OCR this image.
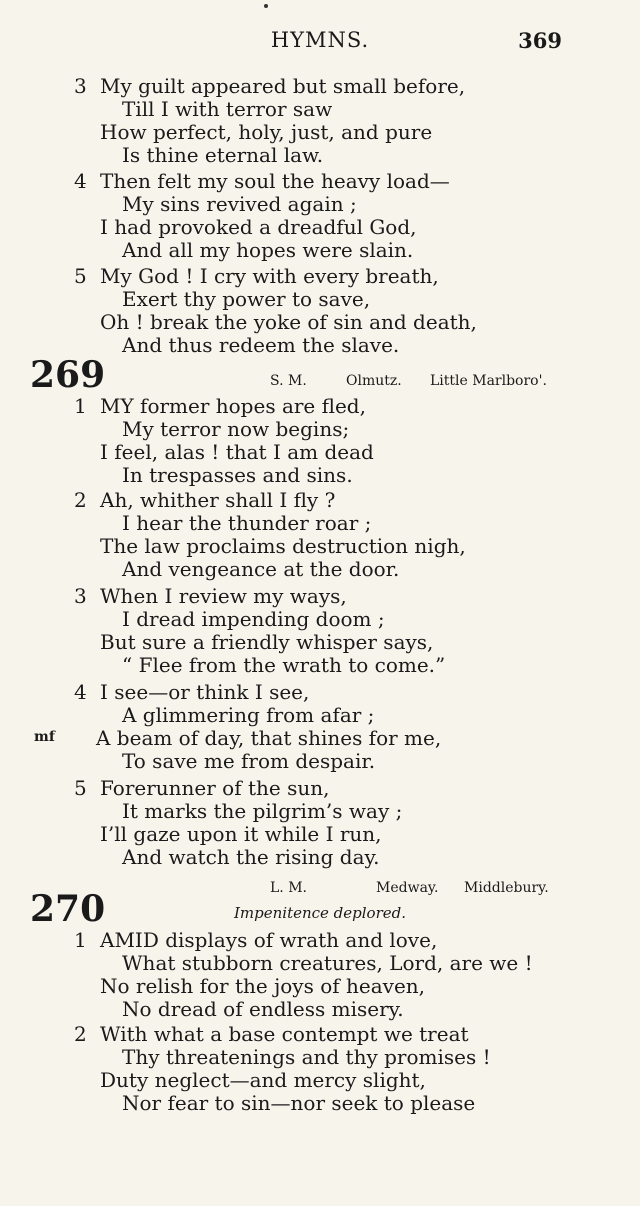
HYMNS.	369
3 My guilt appeared but small before,
Till I with terror saw
How perfect, holy, just, and pure
Is thine eternal law.
4 Then felt my soul the heavy load—
My sins revived again ;
I had provoked a dreadful God,
And all my hopes were slain.
5 My God ! I cry with every breath,
Exert thy power to save,
Oh ! break the yoke of sin and death,
And thus redeem the slave.
269	S. M.	Olmutz. Little Marlboro'.
1 MY former hopes are fled,
My terror now begins;
I feel, alas ! that I am dead
In trespasses and sins.
2 Ah, whither shall I fly ?
I hear the thunder roar ;
The law proclaims destruction nigh,
And vengeance at the door.
3 When I review my ways,
I dread impending doom ;
But sure a friendly whisper says,
“ Flee from the wrath to come.”
4 I see—or think I see,
A glimmering from afar ;
mf A beam of day, that shines for me,
To save me from despair.
5 Forerunner of the sun,
It marks the pilgrim’s way ;
I’ll gaze upon it while I run,
And watch the rising day.
L. M.	Medway. Middlebury.
270	Impenitence deplored.
1 AMID displays of wrath and love,
What stubborn creatures, Lord, are we !
No relish for the joys of heaven,
No dread of endless misery.
2 With what a base contempt we treat
Thy threatenings and thy promises !
Duty neglect—and mercy slight,
Nor fear to sin—nor seek to please
